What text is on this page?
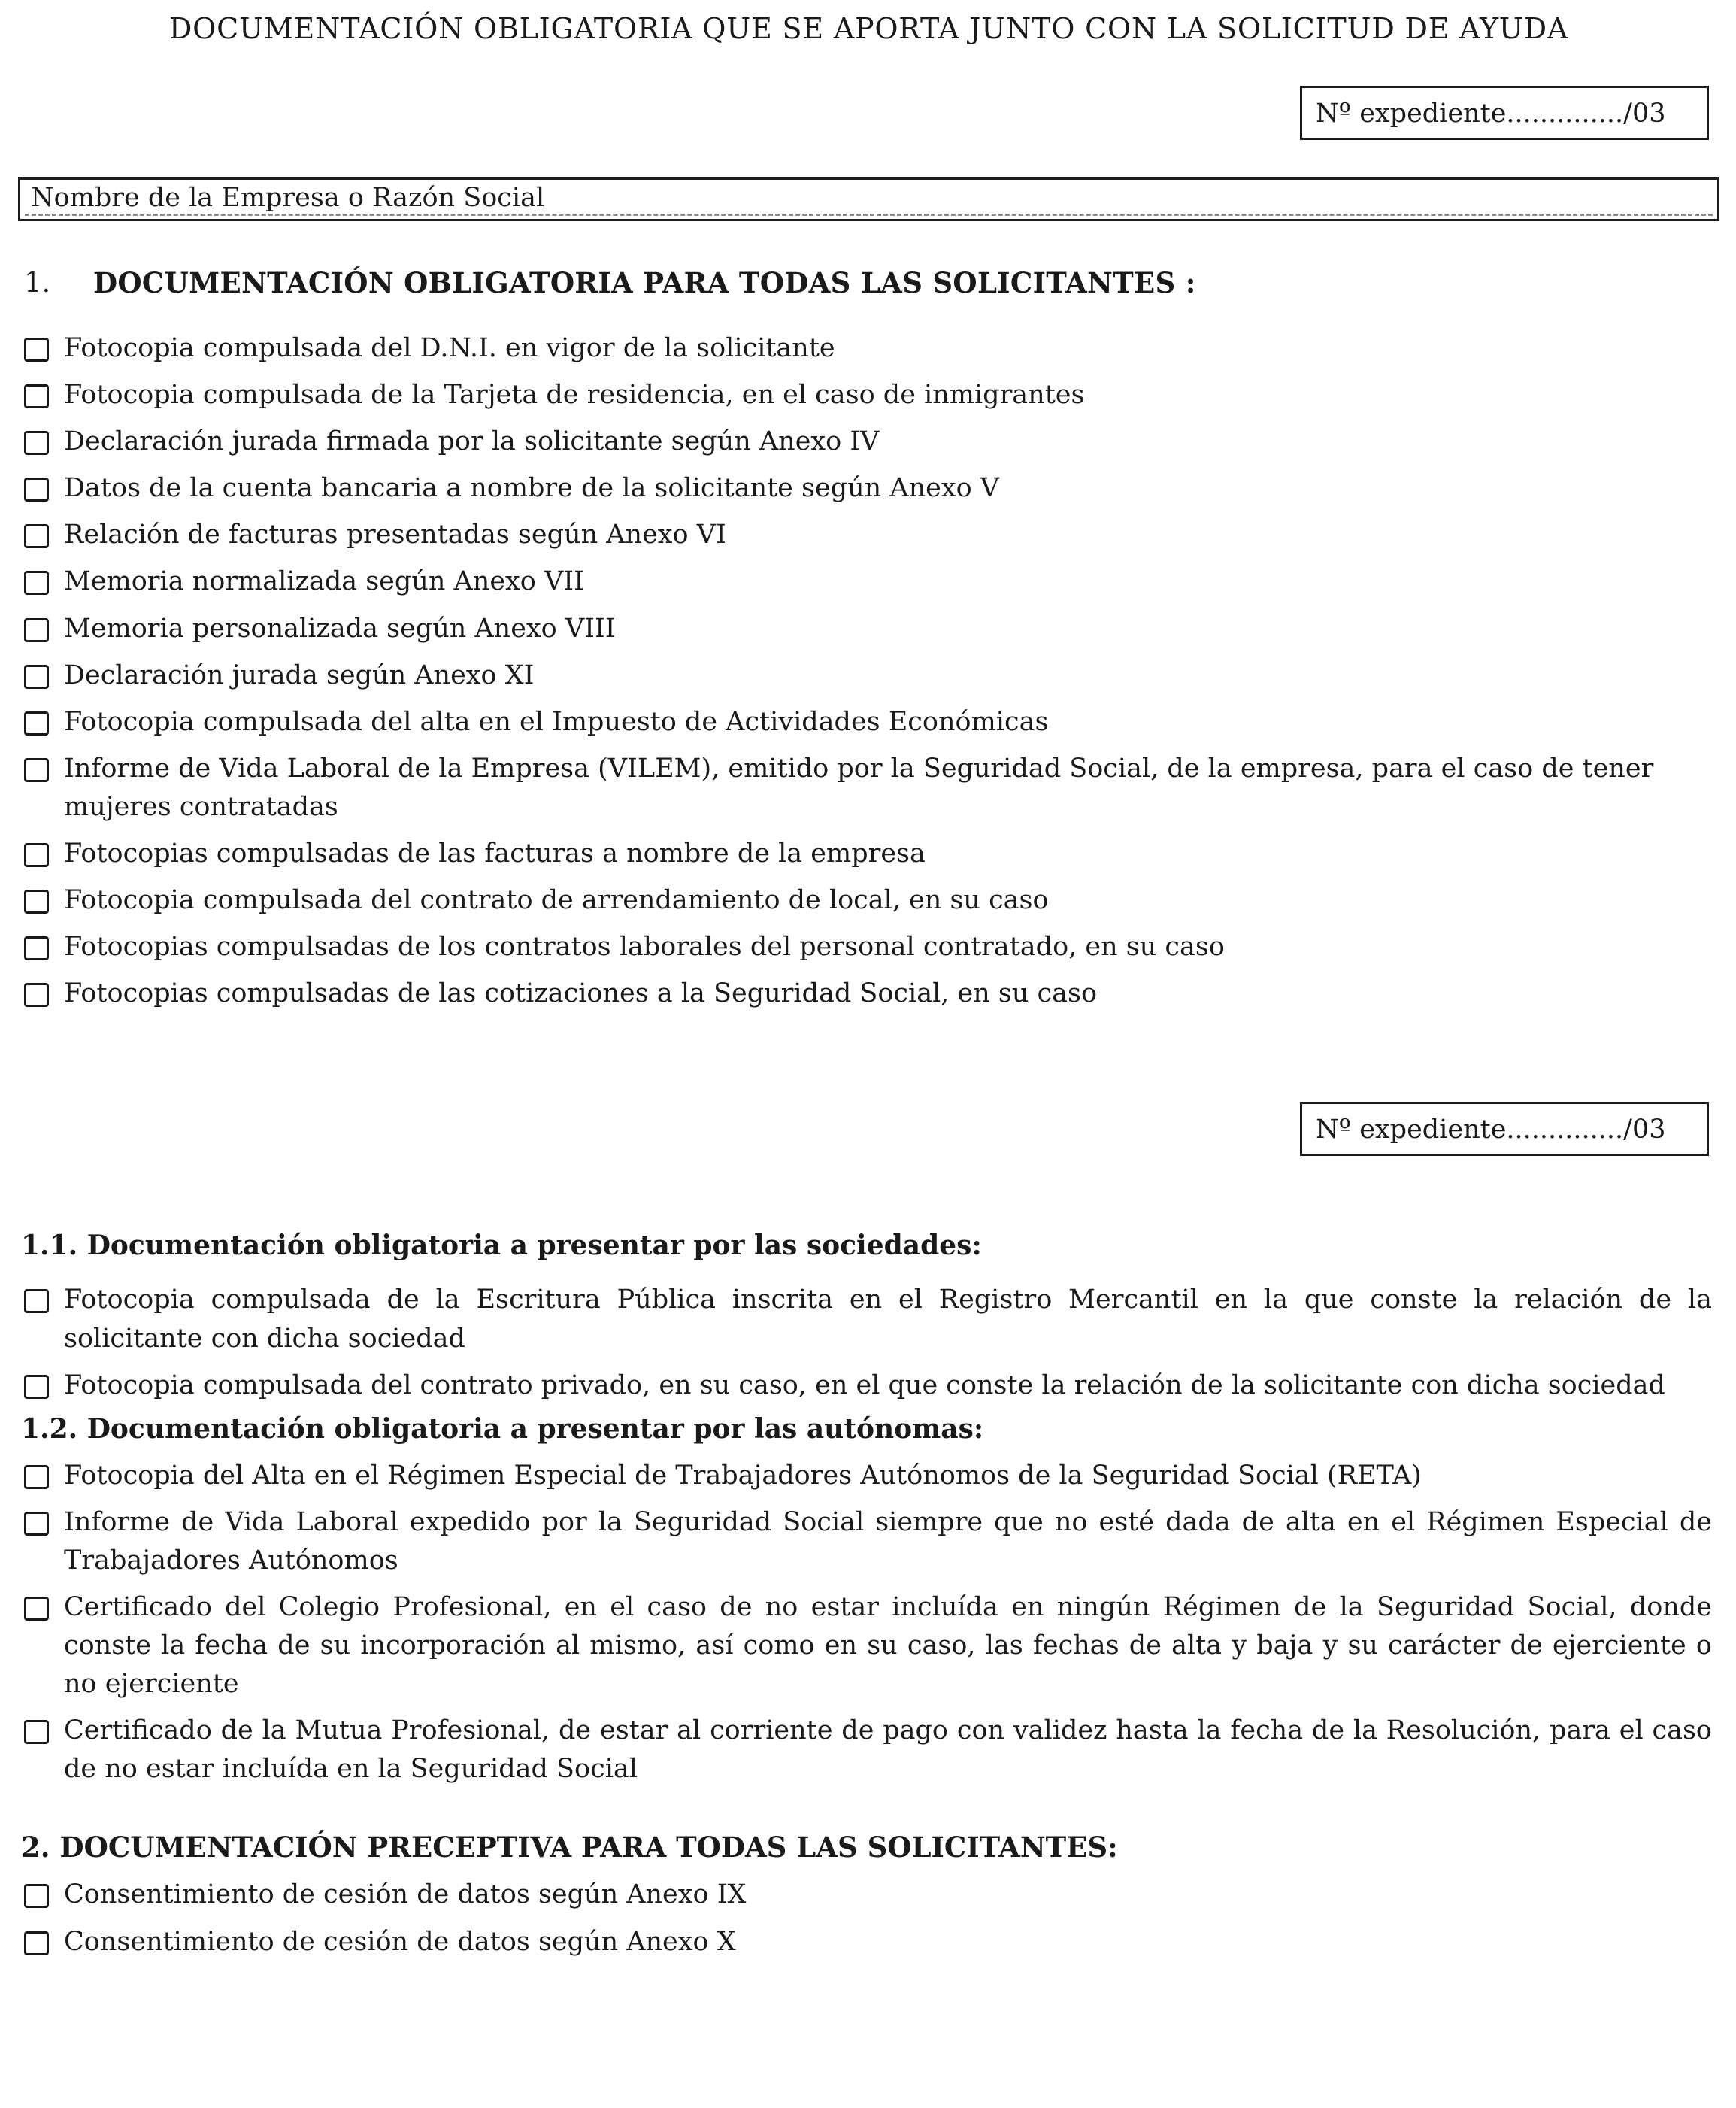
DOCUMENTACIÓN OBLIGATORIA QUE SE APORTA JUNTO CON LA SOLICITUD DE AYUDA
Nº expediente............../03
Nombre de la Empresa o Razón Social
1.	DOCUMENTACIÓN OBLIGATORIA PARA TODAS LAS SOLICITANTES :
Fotocopia compulsada del D.N.I. en vigor de la solicitante
Fotocopia compulsada de la Tarjeta de residencia, en el caso de inmigrantes
Declaración jurada firmada por la solicitante según Anexo IV
Datos de la cuenta bancaria a nombre de la solicitante según Anexo V
Relación de facturas presentadas según Anexo VI
Memoria normalizada según Anexo VII
Memoria personalizada según Anexo VIII
Declaración jurada según Anexo XI
Fotocopia compulsada del alta en el Impuesto de Actividades Económicas
Informe de Vida Laboral de la Empresa (VILEM), emitido por la Seguridad Social, de la empresa, para el caso de tener mujeres contratadas
Fotocopias compulsadas de las facturas a nombre de la empresa
Fotocopia compulsada del contrato de arrendamiento de local, en su caso
Fotocopias compulsadas de los contratos laborales del personal contratado, en su caso
Fotocopias compulsadas de las cotizaciones a la Seguridad Social, en su caso
Nº expediente............../03
1.1. Documentación obligatoria a presentar por las sociedades:
Fotocopia compulsada de la Escritura Pública inscrita en el Registro Mercantil en la que conste la relación de la solicitante con dicha sociedad
Fotocopia compulsada del contrato privado, en su caso, en el que conste la relación de la solicitante con dicha sociedad
1.2. Documentación obligatoria a presentar por las autónomas:
Fotocopia del Alta en el Régimen Especial de Trabajadores Autónomos de la Seguridad Social (RETA)
Informe de Vida Laboral expedido por la Seguridad Social siempre que no esté dada de alta en el Régimen Especial de Trabajadores Autónomos
Certificado del Colegio Profesional, en el caso de no estar incluída en ningún Régimen de la Seguridad Social, donde conste la fecha de su incorporación al mismo, así como en su caso, las fechas de alta y baja y su carácter de ejerciente o no ejerciente
Certificado de la Mutua Profesional, de estar al corriente de pago con validez hasta la fecha de la Resolución, para el caso de no estar incluída en la Seguridad Social
2. DOCUMENTACIÓN PRECEPTIVA PARA TODAS LAS SOLICITANTES:
Consentimiento de cesión de datos según Anexo IX
Consentimiento de cesión de datos según Anexo X
